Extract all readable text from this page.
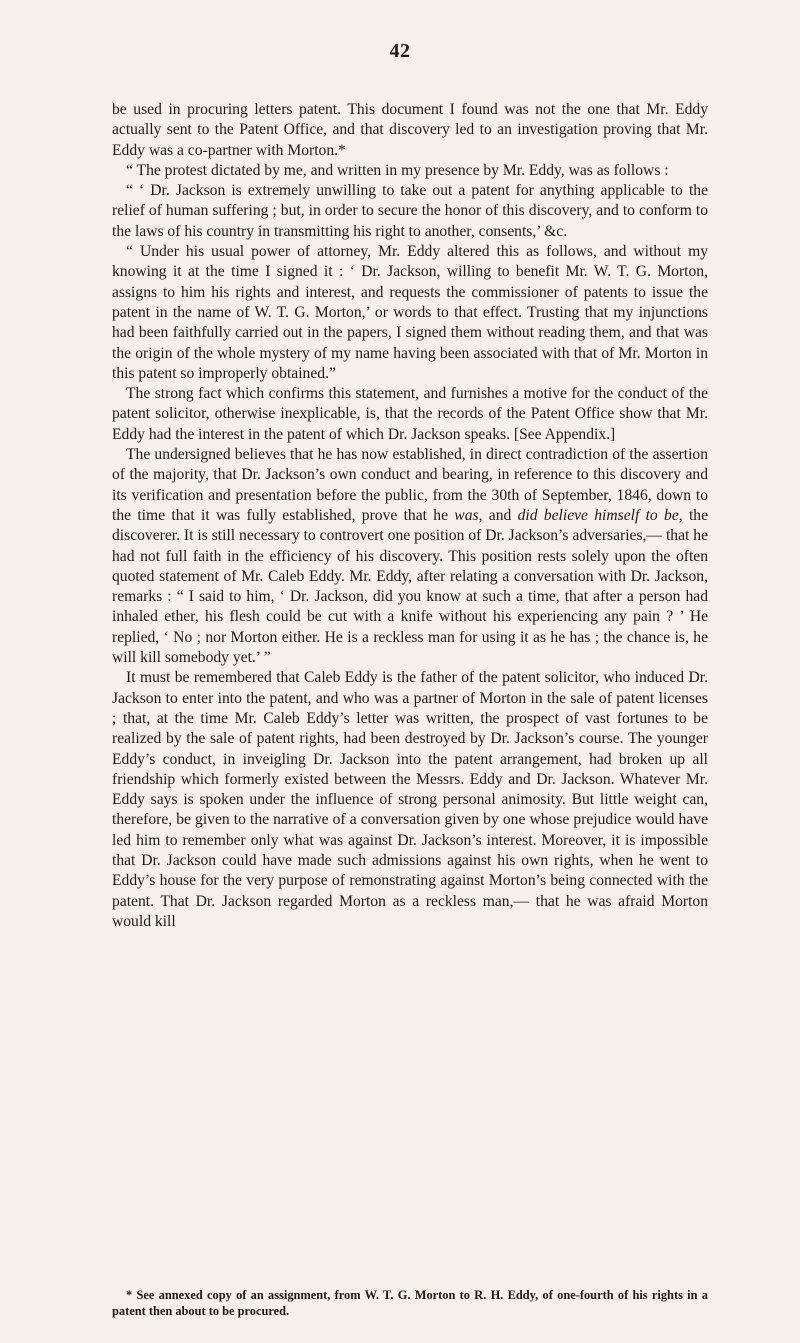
42

be used in procuring letters patent. This document I found was not the one that Mr. Eddy actually sent to the Patent Office, and that discovery led to an investigation proving that Mr. Eddy was a co-partner with Morton.*

“ The protest dictated by me, and written in my presence by Mr. Eddy, was as follows :

“ ‘ Dr. Jackson is extremely unwilling to take out a patent for anything applicable to the relief of human suffering ; but, in order to secure the honor of this discovery, and to conform to the laws of his country in transmitting his right to another, consents,’ &c.

“ Under his usual power of attorney, Mr. Eddy altered this as follows, and without my knowing it at the time I signed it : ‘ Dr. Jackson, willing to benefit Mr. W. T. G. Morton, assigns to him his rights and interest, and requests the commissioner of patents to issue the patent in the name of W. T. G. Morton,’ or words to that effect. Trusting that my injunctions had been faithfully carried out in the papers, I signed them without reading them, and that was the origin of the whole mystery of my name having been associated with that of Mr. Morton in this patent so improperly obtained.”

The strong fact which confirms this statement, and furnishes a motive for the conduct of the patent solicitor, otherwise inexplicable, is, that the records of the Patent Office show that Mr. Eddy had the interest in the patent of which Dr. Jackson speaks. [See Appendix.]

The undersigned believes that he has now established, in direct contradiction of the assertion of the majority, that Dr. Jackson’s own conduct and bearing, in reference to this discovery and its verification and presentation before the public, from the 30th of September, 1846, down to the time that it was fully established, prove that he was, and did believe himself to be, the discoverer. It is still necessary to controvert one position of Dr. Jackson’s adversaries,— that he had not full faith in the efficiency of his discovery. This position rests solely upon the often quoted statement of Mr. Caleb Eddy. Mr. Eddy, after relating a conversation with Dr. Jackson, remarks : “ I said to him, ‘ Dr. Jackson, did you know at such a time, that after a person had inhaled ether, his flesh could be cut with a knife without his experiencing any pain ? ’ He replied, ‘ No ; nor Morton either. He is a reckless man for using it as he has ; the chance is, he will kill somebody yet.’ ”

It must be remembered that Caleb Eddy is the father of the patent solicitor, who induced Dr. Jackson to enter into the patent, and who was a partner of Morton in the sale of patent licenses ; that, at the time Mr. Caleb Eddy’s letter was written, the prospect of vast fortunes to be realized by the sale of patent rights, had been destroyed by Dr. Jackson’s course. The younger Eddy’s conduct, in inveigling Dr. Jackson into the patent arrangement, had broken up all friendship which formerly existed between the Messrs. Eddy and Dr. Jackson. Whatever Mr. Eddy says is spoken under the influence of strong personal animosity. But little weight can, therefore, be given to the narrative of a conversation given by one whose prejudice would have led him to remember only what was against Dr. Jackson’s interest. Moreover, it is impossible that Dr. Jackson could have made such admissions against his own rights, when he went to Eddy’s house for the very purpose of remonstrating against Morton’s being connected with the patent. That Dr. Jackson regarded Morton as a reckless man,— that he was afraid Morton would kill

* See annexed copy of an assignment, from W. T. G. Morton to R. H. Eddy, of one-fourth of his rights in a patent then about to be procured.
